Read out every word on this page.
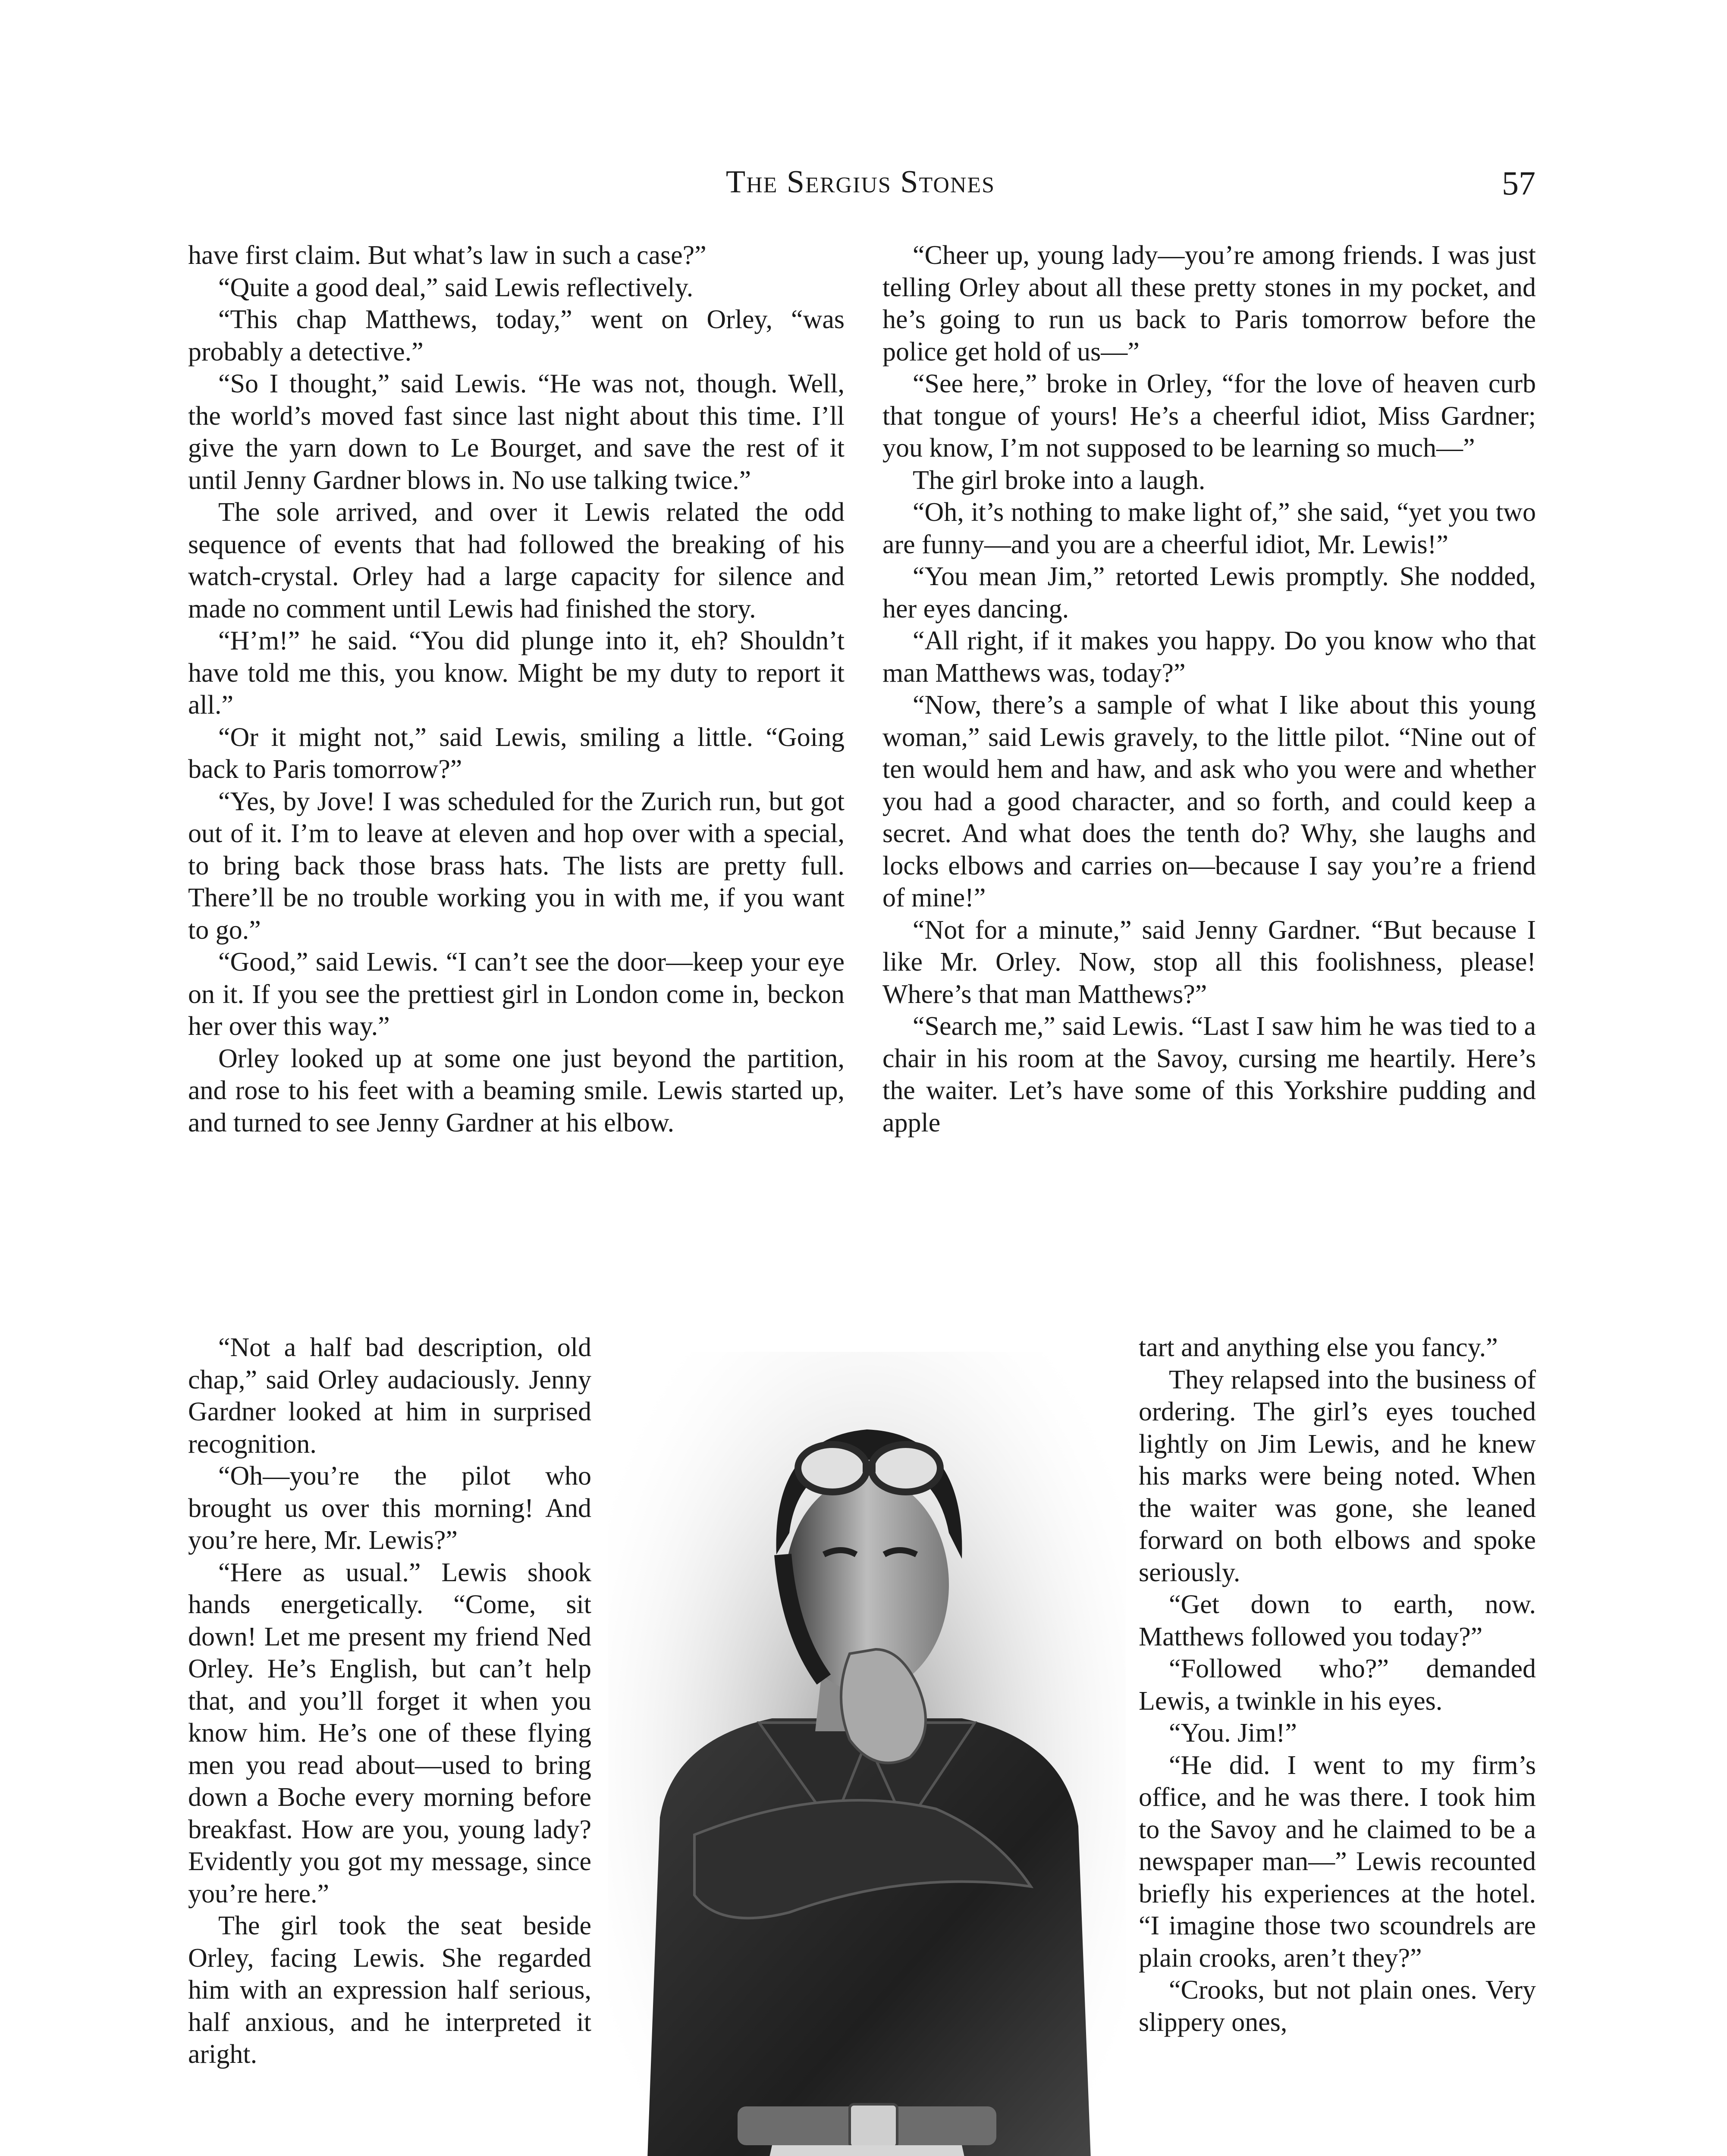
The Sergius Stones	57

have first claim. But what’s law in such a case?”

“Quite a good deal,” said Lewis reflectively.

“This chap Matthews, today,” went on Orley, “was probably a detective.”

“So I thought,” said Lewis. “He was not, though. Well, the world’s moved fast since last night about this time. I’ll give the yarn down to Le Bourget, and save the rest of it until Jenny Gardner blows in. No use talking twice.”

The sole arrived, and over it Lewis related the odd sequence of events that had followed the breaking of his watch-crystal. Orley had a large capacity for silence and made no comment until Lewis had finished the story.

“H’m!” he said. “You did plunge into it, eh? Shouldn’t have told me this, you know. Might be my duty to report it all.”

“Or it might not,” said Lewis, smiling a little. “Going back to Paris tomorrow?”

“Yes, by Jove! I was scheduled for the Zurich run, but got out of it. I’m to leave at eleven and hop over with a special, to bring back those brass hats. The lists are pretty full. There’ll be no trouble working you in with me, if you want to go.”

“Good,” said Lewis. “I can’t see the door—keep your eye on it. If you see the prettiest girl in London come in, beckon her over this way.”

Orley looked up at some one just beyond the partition, and rose to his feet with a beaming smile. Lewis started up, and turned to see Jenny Gardner at his elbow.

“Not a half bad description, old chap,” said Orley audaciously. Jenny Gardner looked at him in surprised recognition.

“Oh—you’re the pilot who brought us over this morning! And you’re here, Mr. Lewis?”

“Here as usual.” Lewis shook hands energetically. “Come, sit down! Let me present my friend Ned Orley. He’s English, but can’t help that, and you’ll forget it when you know him. He’s one of these flying men you read about—used to bring down a Boche every morning before breakfast. How are you, young lady? Evidently you got my message, since you’re here.”

The girl took the seat beside Orley, facing Lewis. She regarded him with an expression half serious, half anxious, and he interpreted it aright.

“Cheer up, young lady—you’re among friends. I was just telling Orley about all these pretty stones in my pocket, and he’s going to run us back to Paris tomorrow before the police get hold of us—”

“See here,” broke in Orley, “for the love of heaven curb that tongue of yours! He’s a cheerful idiot, Miss Gardner; you know, I’m not supposed to be learning so much—”

The girl broke into a laugh.

“Oh, it’s nothing to make light of,” she said, “yet you two are funny—and you are a cheerful idiot, Mr. Lewis!”

“You mean Jim,” retorted Lewis promptly. She nodded, her eyes dancing.

“All right, if it makes you happy. Do you know who that man Matthews was, today?”

“Now, there’s a sample of what I like about this young woman,” said Lewis gravely, to the little pilot. “Nine out of ten would hem and haw, and ask who you were and whether you had a good character, and so forth, and could keep a secret. And what does the tenth do? Why, she laughs and locks elbows and carries on—because I say you’re a friend of mine!”

“Not for a minute,” said Jenny Gardner. “But because I like Mr. Orley. Now, stop all this foolishness, please! Where’s that man Matthews?”

“Search me,” said Lewis. “Last I saw him he was tied to a chair in his room at the Savoy, cursing me heartily. Here’s the waiter. Let’s have some of this Yorkshire pudding and apple

tart and anything else you fancy.”

They relapsed into the business of ordering. The girl’s eyes touched lightly on Jim Lewis, and he knew his marks were being noted. When the waiter was gone, she leaned forward on both elbows and spoke seriously.

“Get down to earth, now. Matthews followed you today?”

“Followed who?” demanded Lewis, a twinkle in his eyes.

“You. Jim!”

“He did. I went to my firm’s office, and he was there. I took him to the Savoy and he claimed to be a newspaper man—” Lewis recounted briefly his experiences at the hotel. “I imagine those two scoundrels are plain crooks, aren’t they?”

“Crooks, but not plain ones. Very slippery ones,
